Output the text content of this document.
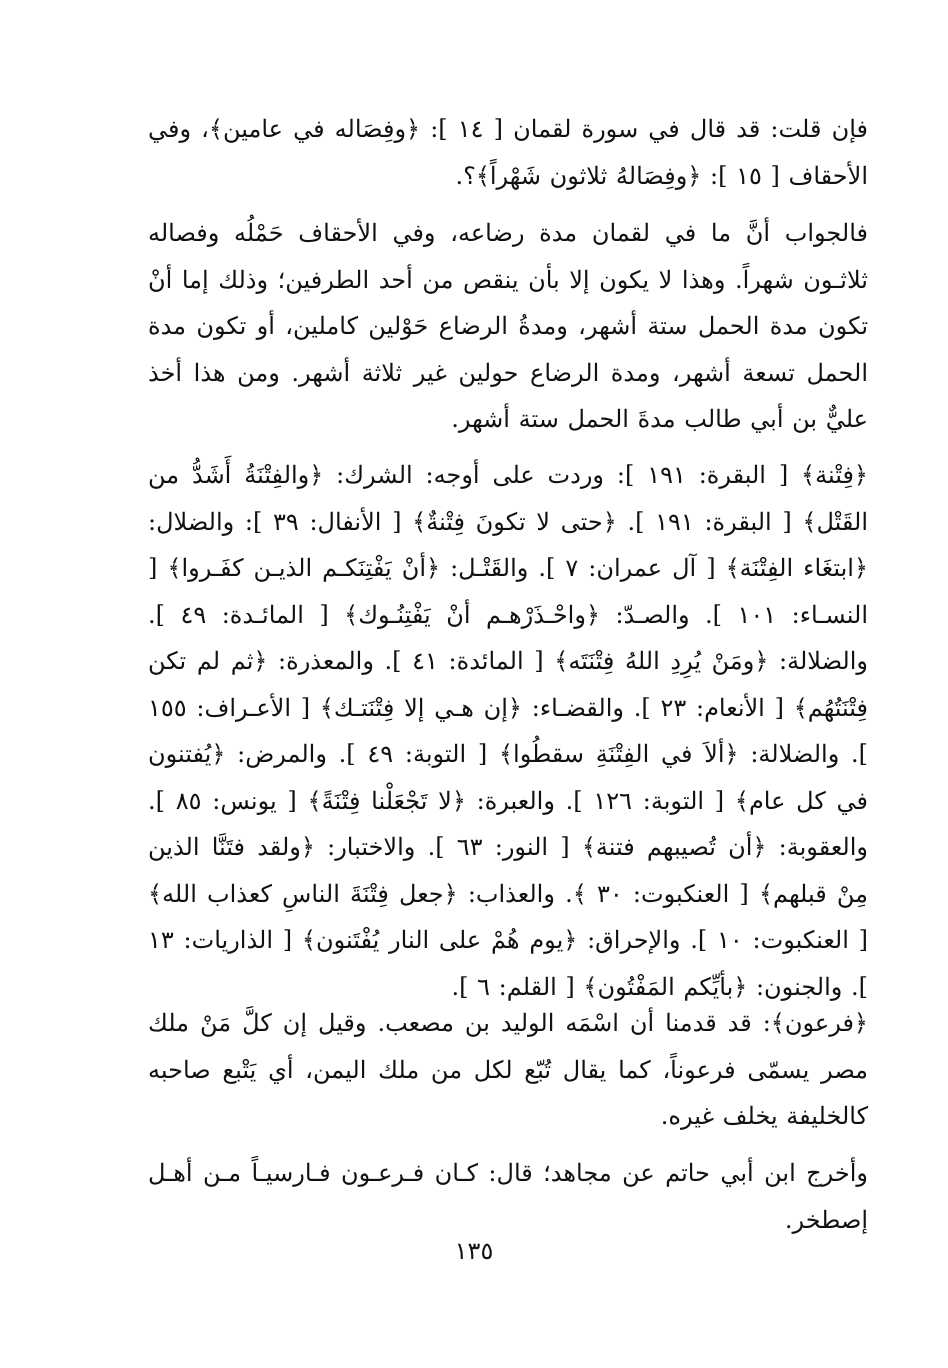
فإن قلت: قد قال في سورة لقمان [ ١٤ ]: ﴿وفِصَاله في عامين﴾، وفي الأحقاف [ ١٥ ]: ﴿وفِصَالهُ ثلاثون شَهْراً﴾؟.

فالجواب أنَّ ما في لقمان مدة رضاعه، وفي الأحقاف حَمْلُه وفصاله ثلاثـون شهراً. وهذا لا يكون إلا بأن ينقص من أحد الطرفين؛ وذلك إما أنْ تكون مدة الحمل ستة أشهر، ومدةُ الرضاع حَوْلين كاملين، أو تكون مدة الحمل تسعة أشهر، ومدة الرضاع حولين غير ثلاثة أشهر. ومن هذا أخذ عليٌّ بن أبي طالب مدةَ الحمل ستة أشهر.

﴿فِتْنة﴾ [ البقرة: ١٩١ ]: وردت على أوجه: الشرك: ﴿والفِتْنَةُ أَشَدُّ من القَتْل﴾ [ البقرة: ١٩١ ]. ﴿حتى لا تكونَ فِتْنةٌ﴾ [ الأنفال: ٣٩ ]: والضلال: ﴿ابتغَاء الفِتْنَة﴾ [ آل عمران: ٧ ]. والقَتْـل: ﴿أنْ يَفْتِنَكـم الذيـن كفَـروا﴾ [ النسـاء: ١٠١ ]. والصـدّ: ﴿واحْـذَرْهـم أنْ يَفْتِنُـوك﴾ [ المائـدة: ٤٩ ]. والضلالة: ﴿ومَنْ يُرِدِ اللهُ فِتْنَتَه﴾ [ المائدة: ٤١ ]. والمعذرة: ﴿ثم لم تكن فِتْنَتُهُم﴾ [ الأنعام: ٢٣ ]. والقضـاء: ﴿إن هـي إلا فِتْنَتـك﴾ [ الأعـراف: ١٥٥ ]. والضلالة: ﴿ألاَ في الفِتْنَةِ سقطُوا﴾ [ التوبة: ٤٩ ]. والمرض: ﴿يُفتنون في كل عام﴾ [ التوبة: ١٢٦ ]. والعبرة: ﴿لا تَجْعَلْنا فِتْنَةً﴾ [ يونس: ٨٥ ]. والعقوبة: ﴿أن تُصيبهم فتنة﴾ [ النور: ٦٣ ]. والاختبار: ﴿ولقد فتَنَّا الذين مِنْ قبلهم﴾ [ العنكبوت: ٣٠ ﴾. والعذاب: ﴿جعل فِتْنَةَ الناسِ كعذاب الله﴾ [ العنكبوت: ١٠ ]. والإحراق: ﴿يوم هُمْ على النار يُفْتَنون﴾ [ الذاريات: ١٣ ]. والجنون: ﴿بأيِّكم المَفْتُون﴾ [ القلم: ٦ ].

﴿فرعون﴾: قد قدمنا أن اسْمَه الوليد بن مصعب. وقيل إن كلَّ مَنْ ملك مصر يسمّى فرعوناً، كما يقال تُبّع لكل من ملك اليمن، أي يَتْبع صاحبه كالخليفة يخلف غيره.

وأخرج ابن أبي حاتم عن مجاهد؛ قال: كـان فـرعـون فـارسيـاً مـن أهـل إصطخر.

١٣٥
